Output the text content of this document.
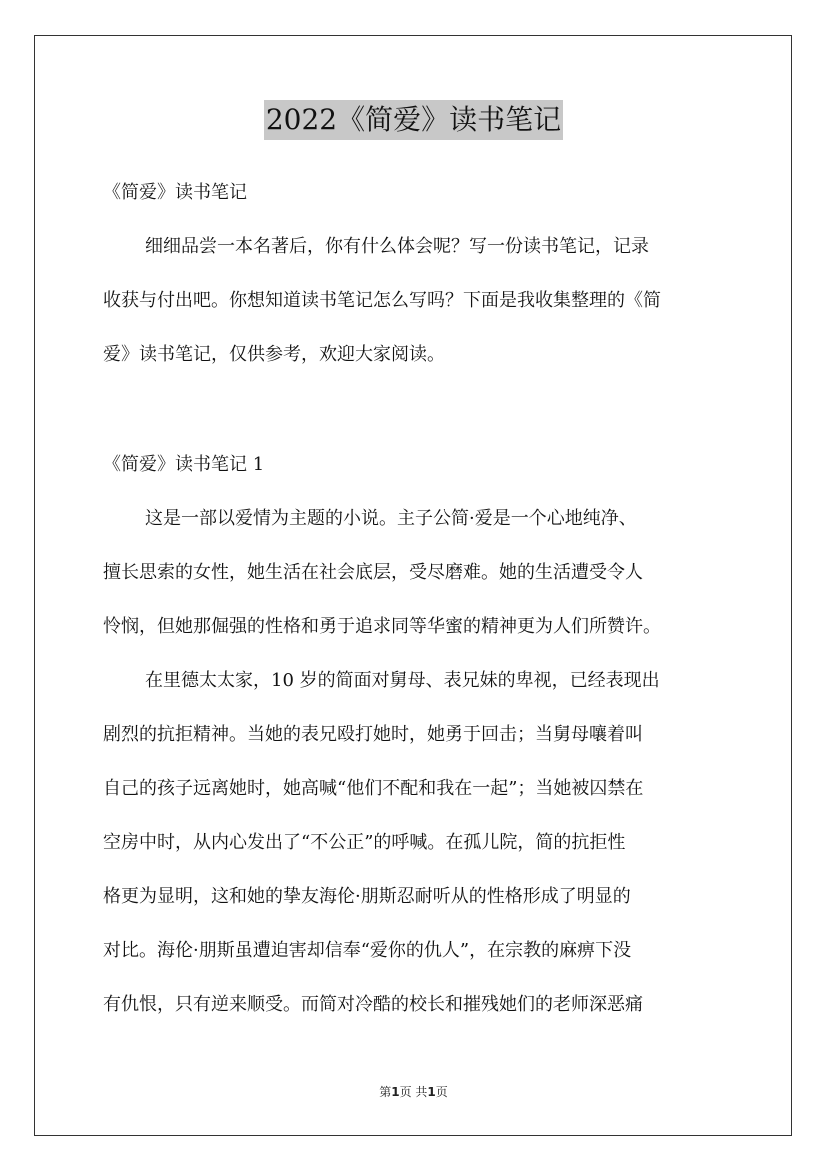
2022《简爱》读书笔记
《简爱》读书笔记
细细品尝一本名著后，你有什么体会呢？写一份读书笔记，记录
收获与付出吧。你想知道读书笔记怎么写吗？下面是我收集整理的《简
爱》读书笔记，仅供参考，欢迎大家阅读。
《简爱》读书笔记 1
这是一部以爱情为主题的小说。主子公简·爱是一个心地纯净、
擅长思索的女性，她生活在社会底层，受尽磨难。她的生活遭受令人
怜悯，但她那倔强的性格和勇于追求同等华蜜的精神更为人们所赞许。
在里德太太家，10 岁的简面对舅母、表兄妹的卑视，已经表现出
剧烈的抗拒精神。当她的表兄殴打她时，她勇于回击；当舅母嚷着叫
自己的孩子远离她时，她高喊“他们不配和我在一起”；当她被囚禁在
空房中时，从内心发出了“不公正”的呼喊。在孤儿院，简的抗拒性
格更为显明，这和她的挚友海伦·朋斯忍耐听从的性格形成了明显的
对比。海伦·朋斯虽遭迫害却信奉“爱你的仇人”，在宗教的麻痹下没
有仇恨，只有逆来顺受。而简对冷酷的校长和摧残她们的老师深恶痛
第1页 共1页
